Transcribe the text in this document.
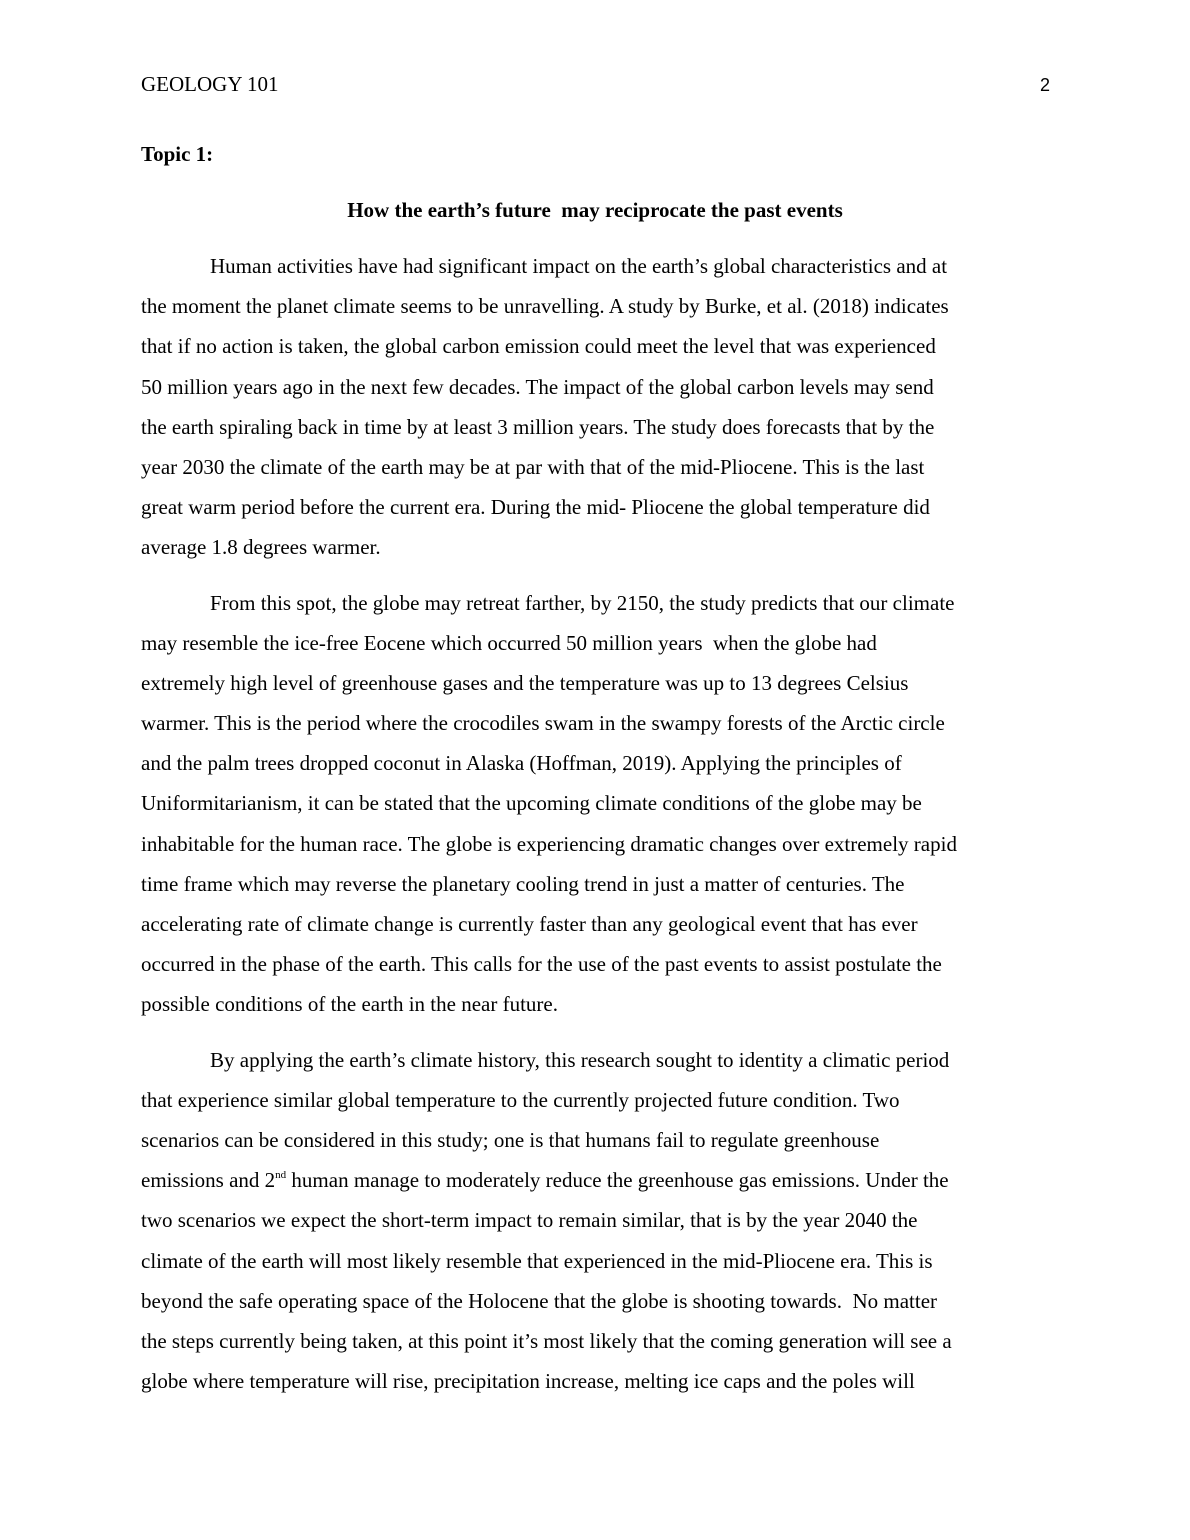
GEOLOGY 101	2
Topic 1:
How the earth’s future  may reciprocate the past events
Human activities have had significant impact on the earth’s global characteristics and at
the moment the planet climate seems to be unravelling. A study by Burke, et al. (2018) indicates
that if no action is taken, the global carbon emission could meet the level that was experienced
50 million years ago in the next few decades. The impact of the global carbon levels may send
the earth spiraling back in time by at least 3 million years. The study does forecasts that by the
year 2030 the climate of the earth may be at par with that of the mid-Pliocene. This is the last
great warm period before the current era. During the mid- Pliocene the global temperature did
average 1.8 degrees warmer.
From this spot, the globe may retreat farther, by 2150, the study predicts that our climate
may resemble the ice-free Eocene which occurred 50 million years  when the globe had
extremely high level of greenhouse gases and the temperature was up to 13 degrees Celsius
warmer. This is the period where the crocodiles swam in the swampy forests of the Arctic circle
and the palm trees dropped coconut in Alaska (Hoffman, 2019). Applying the principles of
Uniformitarianism, it can be stated that the upcoming climate conditions of the globe may be
inhabitable for the human race. The globe is experiencing dramatic changes over extremely rapid
time frame which may reverse the planetary cooling trend in just a matter of centuries. The
accelerating rate of climate change is currently faster than any geological event that has ever
occurred in the phase of the earth. This calls for the use of the past events to assist postulate the
possible conditions of the earth in the near future.
By applying the earth’s climate history, this research sought to identity a climatic period
that experience similar global temperature to the currently projected future condition. Two
scenarios can be considered in this study; one is that humans fail to regulate greenhouse
emissions and 2nd human manage to moderately reduce the greenhouse gas emissions. Under the
two scenarios we expect the short-term impact to remain similar, that is by the year 2040 the
climate of the earth will most likely resemble that experienced in the mid-Pliocene era. This is
beyond the safe operating space of the Holocene that the globe is shooting towards.  No matter
the steps currently being taken, at this point it’s most likely that the coming generation will see a
globe where temperature will rise, precipitation increase, melting ice caps and the poles will
